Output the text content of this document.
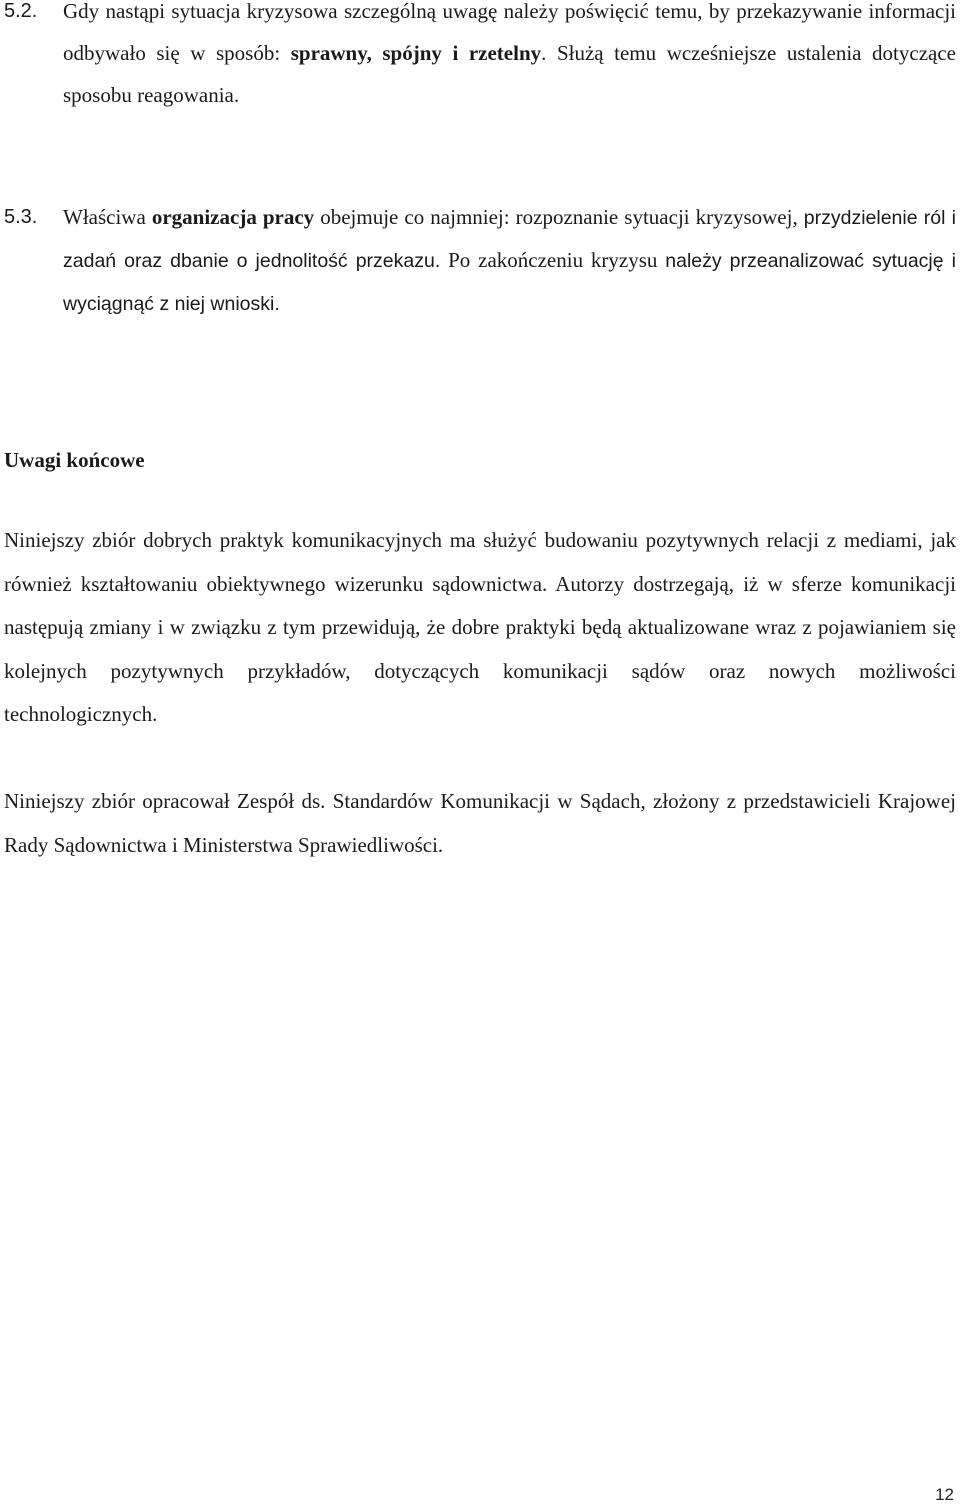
5.2. Gdy nastąpi sytuacja kryzysowa szczególną uwagę należy poświęcić temu, by przekazywanie informacji odbywało się w sposób: sprawny, spójny i rzetelny. Służą temu wcześniejsze ustalenia dotyczące sposobu reagowania.
5.3. Właściwa organizacja pracy obejmuje co najmniej: rozpoznanie sytuacji kryzysowej, przydzielenie ról i zadań oraz dbanie o jednolitość przekazu. Po zakończeniu kryzysu należy przeanalizować sytuację i wyciągnąć z niej wnioski.
Uwagi końcowe
Niniejszy zbiór dobrych praktyk komunikacyjnych ma służyć budowaniu pozytywnych relacji z mediami, jak również kształtowaniu obiektywnego wizerunku sądownictwa. Autorzy dostrzegają, iż w sferze komunikacji następują zmiany i w związku z tym przewidują, że dobre praktyki będą aktualizowane wraz z pojawianiem się kolejnych pozytywnych przykładów, dotyczących komunikacji sądów oraz nowych możliwości technologicznych.
Niniejszy zbiór opracował Zespół ds. Standardów Komunikacji w Sądach, złożony z przedstawicieli Krajowej Rady Sądownictwa i Ministerstwa Sprawiedliwości.
12
